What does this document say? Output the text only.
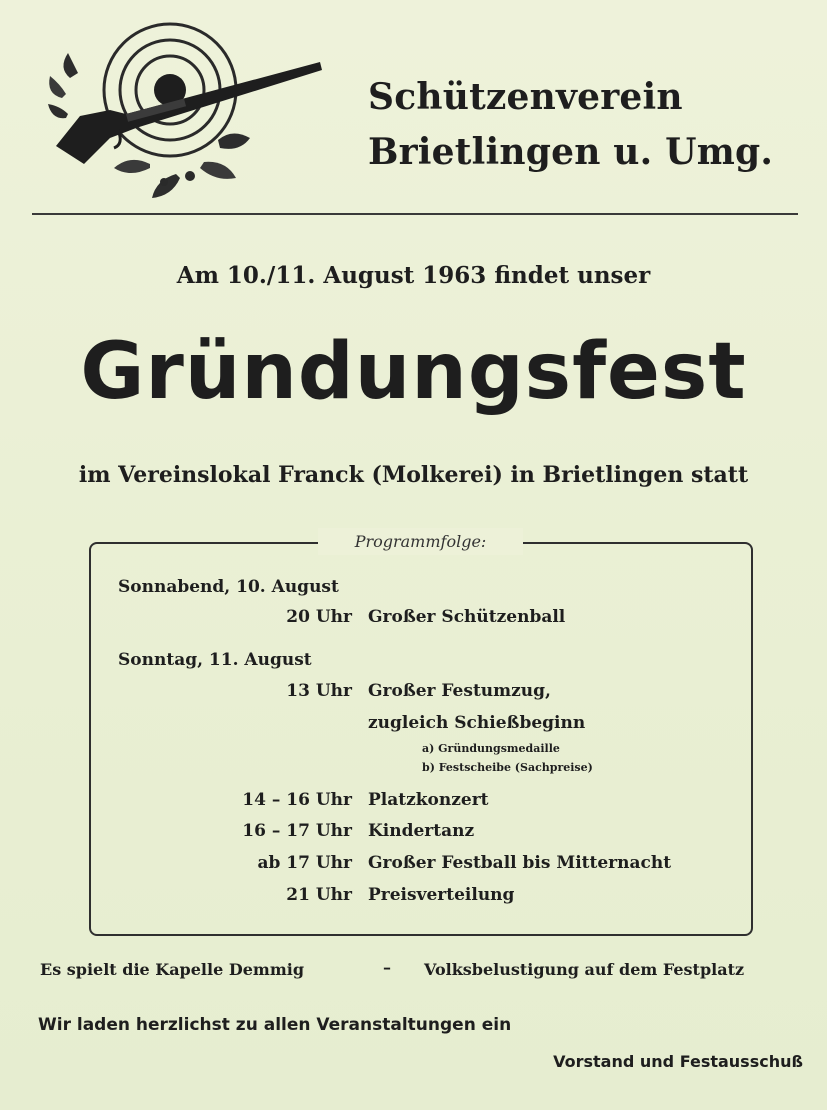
Schützenverein
Brietlingen u. Umg.
Am 10./11. August 1963 findet unser
Gründungsfest
im Vereinslokal Franck (Molkerei) in Brietlingen statt
Programmfolge:
Sonnabend, 10. August
20 Uhr Großer Schützenball
Sonntag, 11. August
13 Uhr Großer Festumzug,
zugleich Schießbeginn
a) Gründungsmedaille
b) Festscheibe (Sachpreise)
14 – 16 Uhr Platzkonzert
16 – 17 Uhr Kindertanz
ab 17 Uhr Großer Festball bis Mitternacht
21 Uhr Preisverteilung
Es spielt die Kapelle Demmig	– Volksbelustigung auf dem Festplatz
Wir laden herzlichst zu allen Veranstaltungen ein
Vorstand und Festausschuß
